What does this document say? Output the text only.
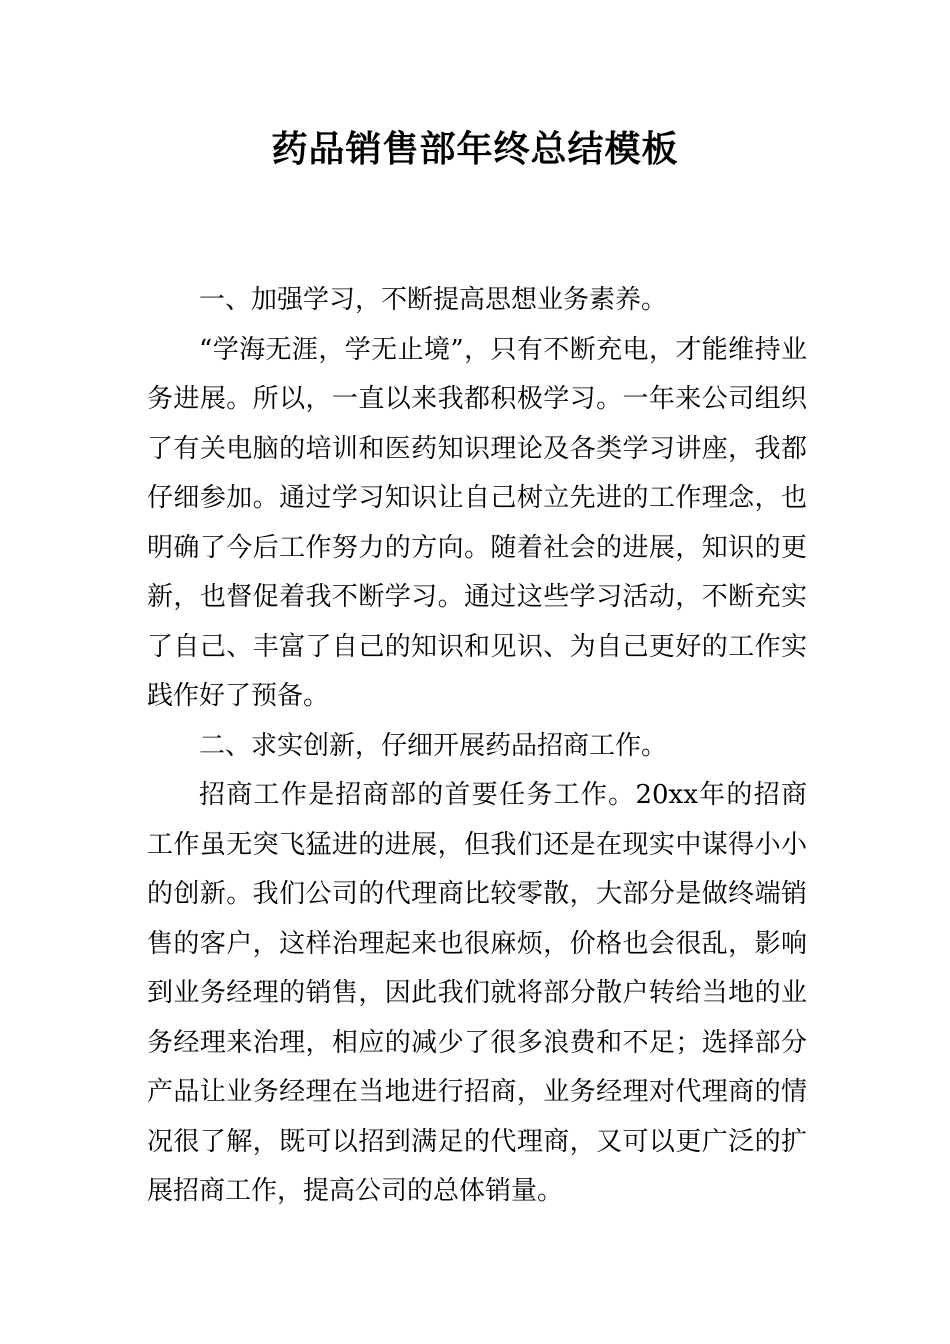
药品销售部年终总结模板

一、加强学习，不断提高思想业务素养。

“学海无涯，学无止境”，只有不断充电，才能维持业务进展。所以，一直以来我都积极学习。一年来公司组织了有关电脑的培训和医药知识理论及各类学习讲座，我都仔细参加。通过学习知识让自己树立先进的工作理念，也明确了今后工作努力的方向。随着社会的进展，知识的更新，也督促着我不断学习。通过这些学习活动，不断充实了自己、丰富了自己的知识和见识、为自己更好的工作实践作好了预备。

二、求实创新，仔细开展药品招商工作。

招商工作是招商部的首要任务工作。20xx年的招商工作虽无突飞猛进的进展，但我们还是在现实中谋得小小的创新。我们公司的代理商比较零散，大部分是做终端销售的客户，这样治理起来也很麻烦，价格也会很乱，影响到业务经理的销售，因此我们就将部分散户转给当地的业务经理来治理，相应的减少了很多浪费和不足；选择部分产品让业务经理在当地进行招商，业务经理对代理商的情况很了解，既可以招到满足的代理商，又可以更广泛的扩展招商工作，提高公司的总体销量。
